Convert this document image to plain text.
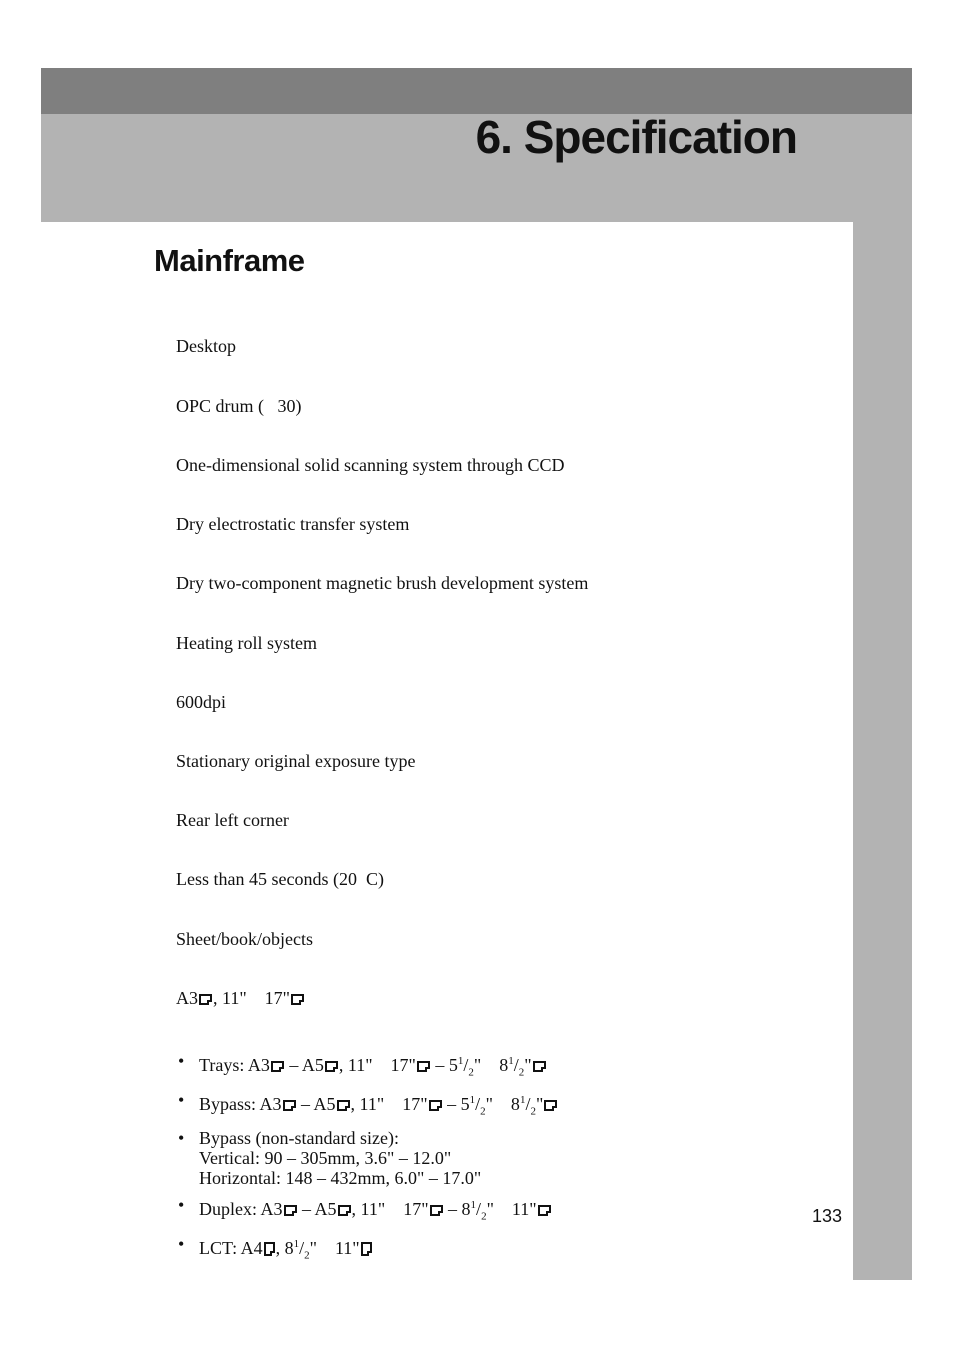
6. Specification
Mainframe
Desktop
OPC drum (   30)
One-dimensional solid scanning system through CCD
Dry electrostatic transfer system
Dry two-component magnetic brush development system
Heating roll system
600dpi
Stationary original exposure type
Rear left corner
Less than 45 seconds (20  C)
Sheet/book/objects
A3 , 11"    17"
• Trays: A3 – A5 , 11"    17" – $5^1/_2$"    $8^1/_2$"
• Bypass: A3 – A5 , 11"    17" – $5^1/_2$"    $8^1/_2$"
• Bypass (non-standard size):
Vertical: 90 – 305mm, 3.6" – 12.0"
Horizontal: 148 – 432mm, 6.0" – 17.0"
• Duplex: A3 – A5 , 11"    17" – $8^1/_2$"    11"
• LCT: A4 , $8^1/_2$"    11"
133
